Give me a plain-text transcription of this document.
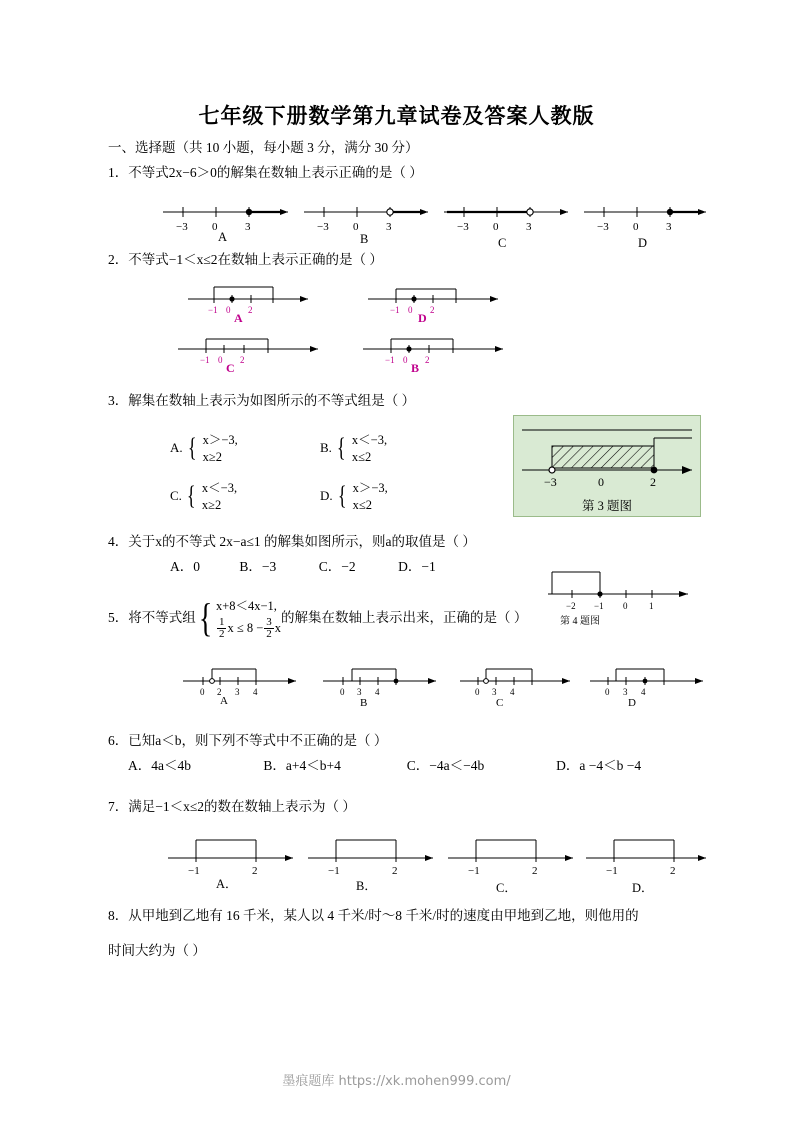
七年级下册数学第九章试卷及答案人教版
一、选择题（共 10 小题，每小题 3 分，满分 30 分）
1．不等式2x−6＞0的解集在数轴上表示正确的是（ ）
−3 0	3	−3 0	3	−3 0	3	−3 0	3
A	B	C	D
2．不等式−1＜x≤2在数轴上表示正确的是（ ）
−1 0 2	−1 0 2
−1 0 2	−1 0 2
A	D
C	B
3．解集在数轴上表示为如图所示的不等式组是（ ）
A. { x＞−3,
x≥2
B. { x＜−3,
x≤2
C. { x＜−3,
x≥2
D. { x＞−3,
x≤2
4．关于x的不等式 2x−a≤1 的解集如图所示，则a的取值是（ ）
A．0	B．−3	C．−2	D．−1
5．将不等式组{ x+8＜4x−1,
$\frac{1}{2}$ $x \le 8 - \frac{3}{2}$ x
的解集在数轴上表示出来，正确的是（ ）
0 2 3 4	0 3 4	0 3 4	0 3 4
A	B	C	D
6．已知a＜b，则下列不等式中不正确的是（ ）
A．4a＜4b	B．a+4＜b+4	C．−4a＜−4b	D．a −4＜b −4
7．满足−1＜x≤2的数在数轴上表示为（ ）
−1	2	−1	2	−1	2	−1	2
A．	B．	C．	D．
8．从甲地到乙地有 16 千米，某人以 4 千米/时～8 千米/时的速度由甲地到乙地，则他用的
时间大约为（ ）
−3	0	2
第 3 题图
−2 −1 0 1
第 4 题图
墨痕题库 https://xk.mohen999.com/
